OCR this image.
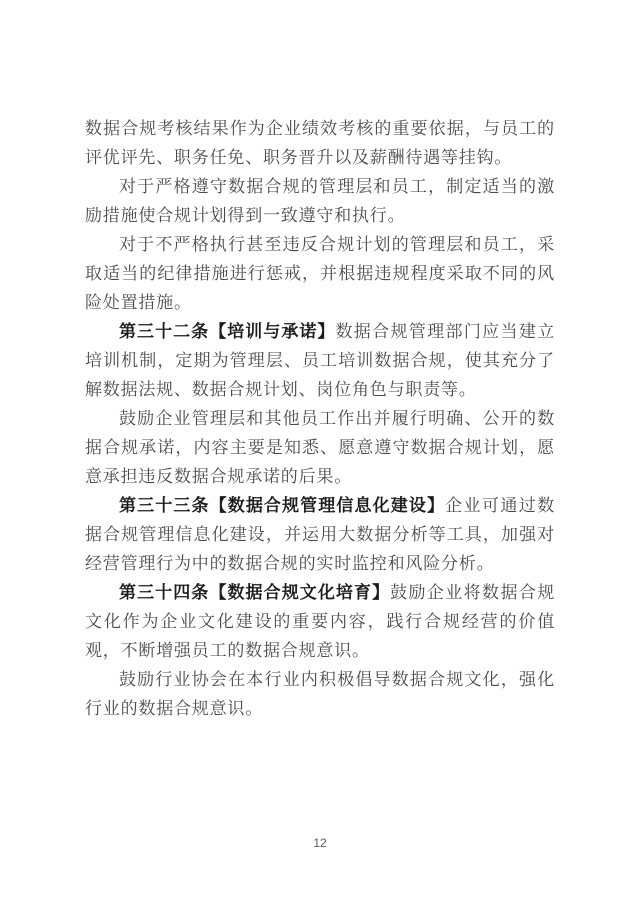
数据合规考核结果作为企业绩效考核的重要依据，与员工的评优评先、职务任免、职务晋升以及薪酬待遇等挂钩。

对于严格遵守数据合规的管理层和员工，制定适当的激励措施使合规计划得到一致遵守和执行。

对于不严格执行甚至违反合规计划的管理层和员工，采取适当的纪律措施进行惩戒，并根据违规程度采取不同的风险处置措施。

第三十二条【培训与承诺】数据合规管理部门应当建立培训机制，定期为管理层、员工培训数据合规，使其充分了解数据法规、数据合规计划、岗位角色与职责等。

鼓励企业管理层和其他员工作出并履行明确、公开的数据合规承诺，内容主要是知悉、愿意遵守数据合规计划，愿意承担违反数据合规承诺的后果。

第三十三条【数据合规管理信息化建设】企业可通过数据合规管理信息化建设，并运用大数据分析等工具，加强对经营管理行为中的数据合规的实时监控和风险分析。

第三十四条【数据合规文化培育】鼓励企业将数据合规文化作为企业文化建设的重要内容，践行合规经营的价值观，不断增强员工的数据合规意识。

鼓励行业协会在本行业内积极倡导数据合规文化，强化行业的数据合规意识。

12
